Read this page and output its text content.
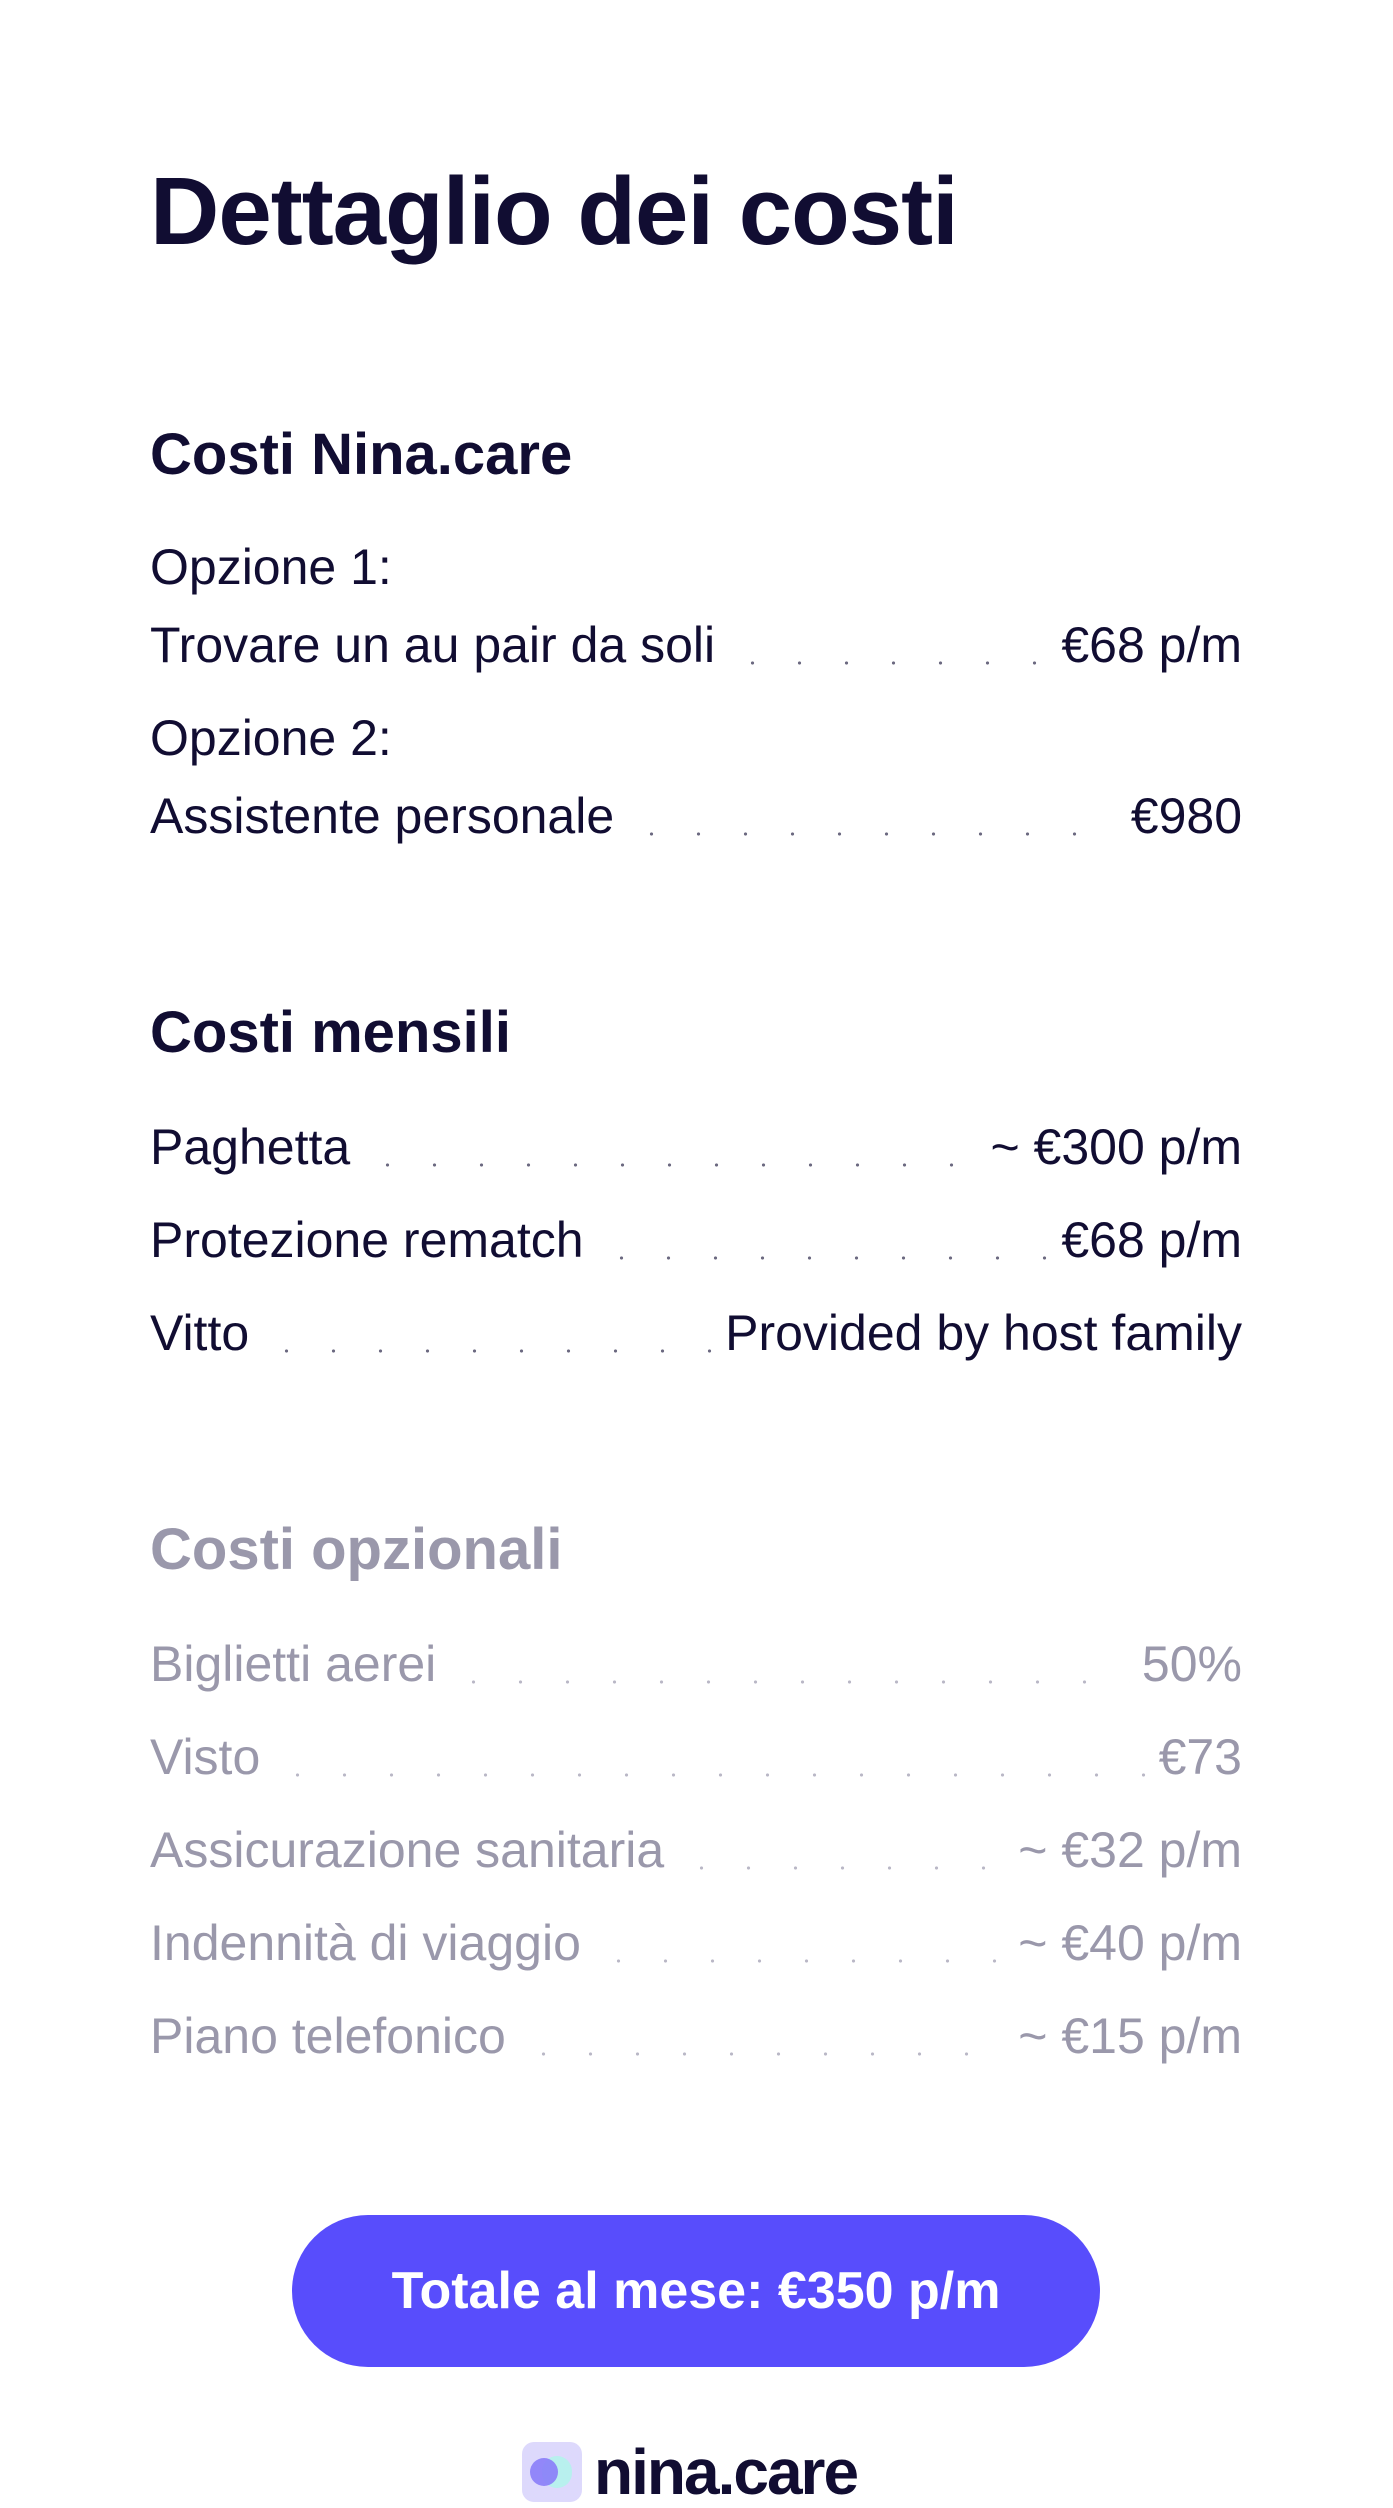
Dettaglio dei costi
Costi Nina.care
Opzione 1:
Trovare un au pair da soli	€68 p/m
Opzione 2:
Assistente personale	€980
Costi mensili
Paghetta	~ €300 p/m
Protezione rematch	€68 p/m
Vitto	Provided by host family
Costi opzionali
Biglietti aerei	50%
Visto	€73
Assicurazione sanitaria	~ €32 p/m
Indennità di viaggio	~ €40 p/m
Piano telefonico	~ €15 p/m
Totale al mese: €350 p/m
nina.care
